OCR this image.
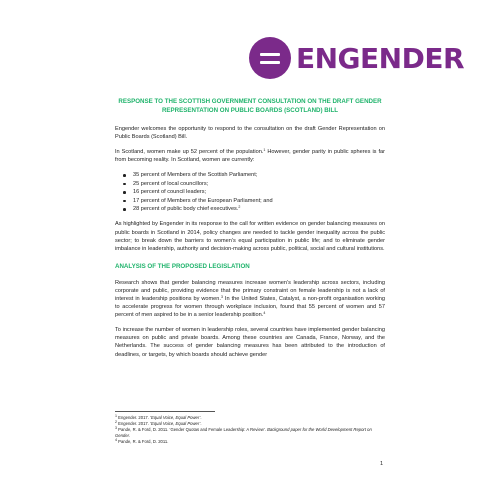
ENGENDER
RESPONSE TO THE SCOTTISH GOVERNMENT CONSULTATION ON THE DRAFT GENDER REPRESENTATION ON PUBLIC BOARDS (SCOTLAND) BILL

Engender welcomes the opportunity to respond to the consultation on the draft Gender Representation on Public Boards (Scotland) Bill.

In Scotland, women make up 52 percent of the population.$^1$ However, gender parity in public spheres is far from becoming reality. In Scotland, women are currently:

35 percent of Members of the Scottish Parliament;
25 percent of local councillors;
16 percent of council leaders;
17 percent of Members of the European Parliament; and
28 percent of public body chief executives.$^2$

As highlighted by Engender in its response to the call for written evidence on gender balancing measures on public boards in Scotland in 2014, policy changes are needed to tackle gender inequality across the public sector; to break down the barriers to women’s equal participation in public life; and to eliminate gender imbalance in leadership, authority and decision-making across public, political, social and cultural institutions.

ANALYSIS OF THE PROPOSED LEGISLATION

Research shows that gender balancing measures increase women’s leadership across sectors, including corporate and public, providing evidence that the primary constraint on female leadership is not a lack of interest in leadership positions by women.$^3$ In the United States, Catalyst, a non-profit organisation working to accelerate progress for women through workplace inclusion, found that 55 percent of women and 57 percent of men aspired to be in a senior leadership position.$^4$

To increase the number of women in leadership roles, several countries have implemented gender balancing measures on public and private boards. Among these countries are Canada, France, Norway, and the Netherlands. The success of gender balancing measures has been attributed to the introduction of deadlines, or targets, by which boards should achieve gender

$^1$ Engender. 2017. ‘Equal Voice, Equal Power’.
$^2$ Engender. 2017. ‘Equal Voice, Equal Power’.
$^3$ Pande, R. & Ford, D. 2011. ‘Gender Quotas and Female Leadership: A Review’. Background paper for the World Development Report on Gender.
$^4$ Pande, R. & Ford, D. 2011.
1
